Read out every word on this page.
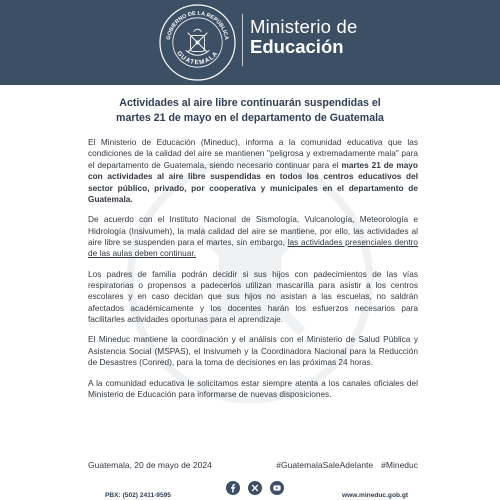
GOBIERNO DE LA REPÚBLICA
GUATEMALA
Ministerio de
Educación
Actividades al aire libre continuarán suspendidas el
martes 21 de mayo en el departamento de Guatemala

El Ministerio de Educación (Mineduc), informa a la comunidad educativa que las condiciones de la calidad del aire se mantienen "peligrosa y extremadamente mala" para el departamento de Guatemala, siendo necesario continuar para el martes 21 de mayo con actividades al aire libre suspendidas en todos los centros educativos del sector público, privado, por cooperativa y municipales en el departamento de Guatemala.

De acuerdo con el Instituto Nacional de Sismología, Vulcanología, Meteorología e Hidrología (Insivumeh), la mala calidad del aire se mantiene, por ello, las actividades al aire libre se suspenden para el martes, sin embargo, las actividades presenciales dentro de las aulas deben continuar.

Los padres de familia podrán decidir si sus hijos con padecimientos de las vías respiratorias o propensos a padecerlos utilizan mascarilla para asistir a los centros escolares y en caso decidan que sus hijos no asistan a las escuelas, no saldrán afectados académicamente y los docentes harán los esfuerzos necesarios para facilitarles actividades oportunas para el aprendizaje.

El Mineduc mantiene la coordinación y el análisis con el Ministerio de Salud Pública y Asistencia Social (MSPAS), el Insivumeh y la Coordinadora Nacional para la Reducción de Desastres (Conred), para la toma de decisiones en las próximas 24 horas.

A la comunidad educativa le solicitamos estar siempre atenta a los canales oficiales del Ministerio de Educación para informarse de nuevas disposiciones.

Guatemala, 20 de mayo de 2024	#GuatemalaSaleAdelante #Mineduc
PBX: (502) 2411-9595	www.mineduc.gob.gt
